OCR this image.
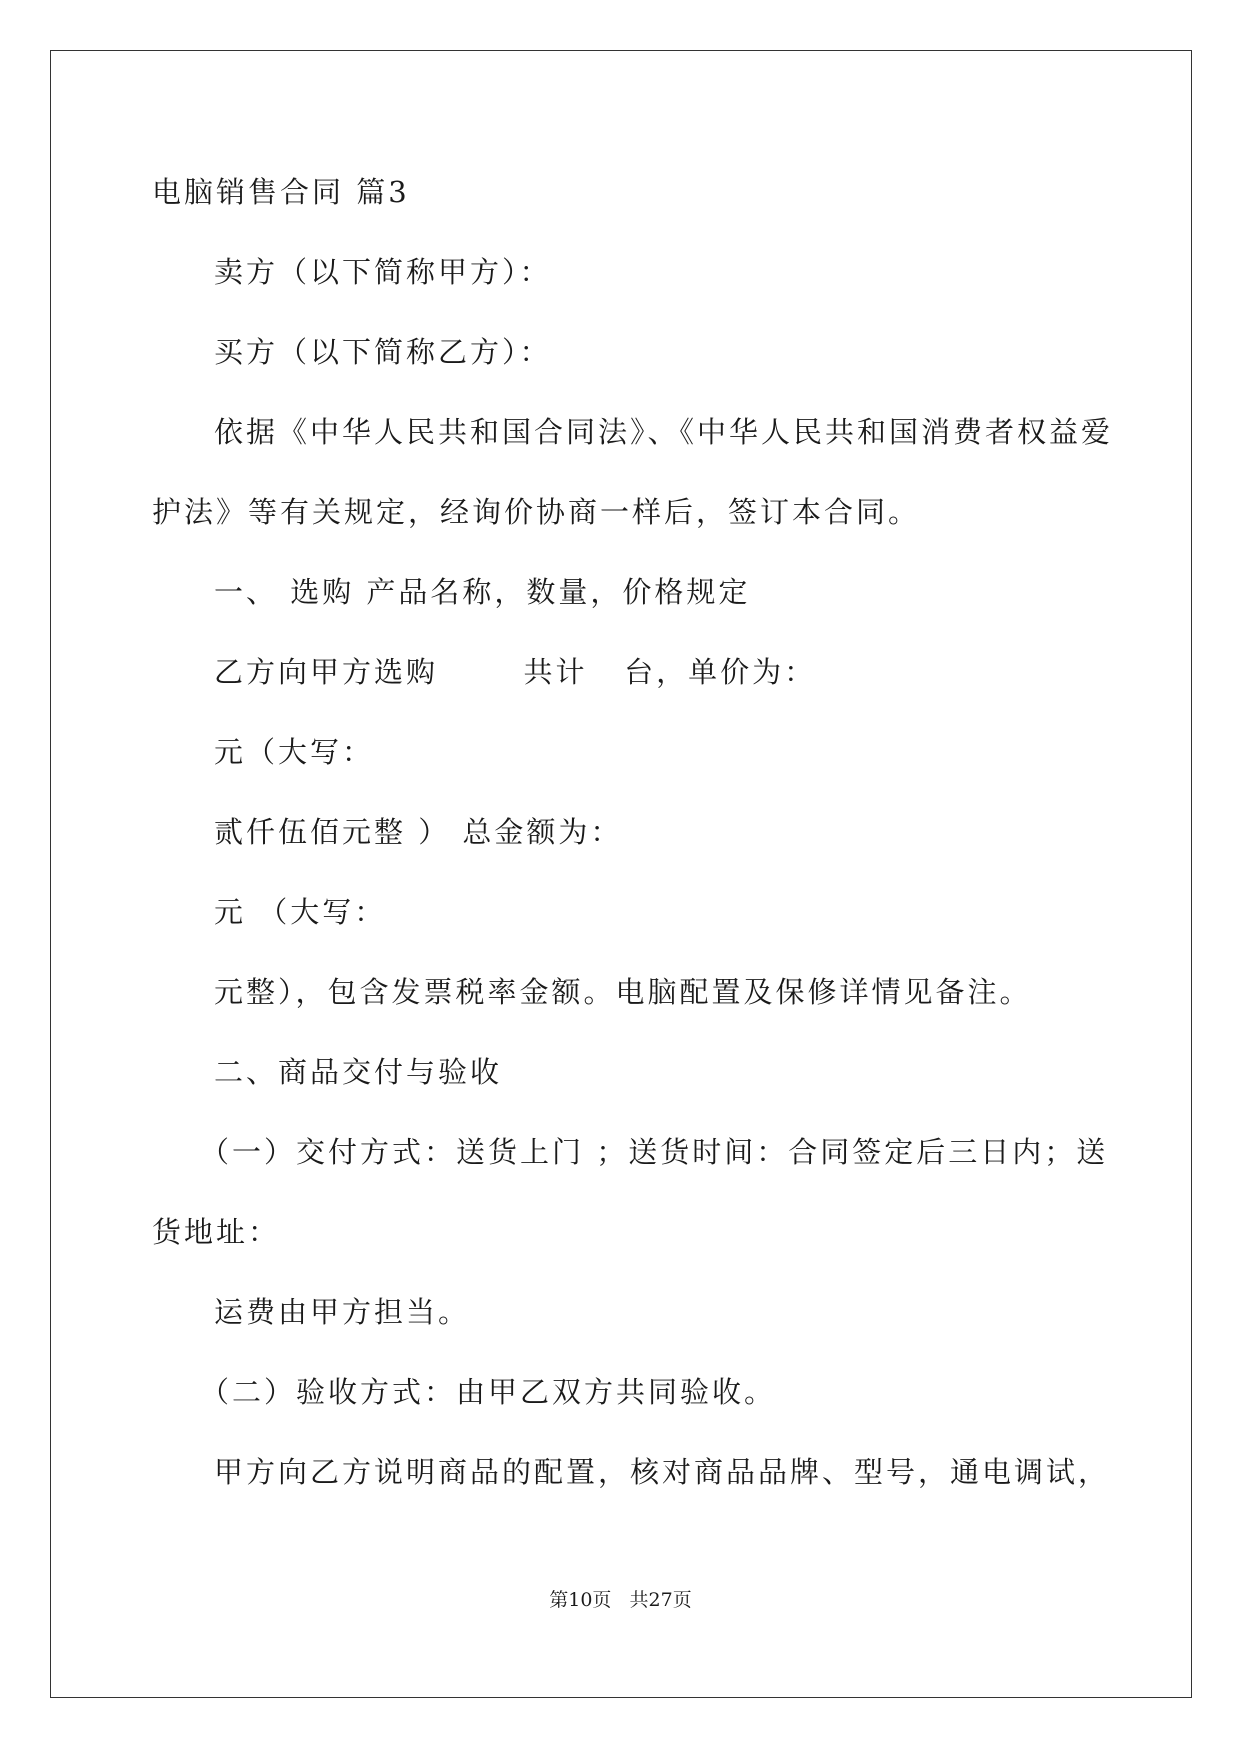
电脑销售合同 篇3
卖方（以下简称甲方）：
买方（以下简称乙方）：
依据《中华人民共和国合同法》、《中华人民共和国消费者权益爱
护法》等有关规定，经询价协商一样后，签订本合同。
一、 选购 产品名称，数量，价格规定
乙方向甲方选购       共计   台，单价为：
元（大写：
贰仟伍佰元整 ） 总金额为：
元 （大写：
元整），包含发票税率金额。电脑配置及保修详情见备注。
二、商品交付与验收
（一）交付方式：送货上门 ；送货时间：合同签定后三日内；送
货地址：
运费由甲方担当。
（二）验收方式：由甲乙双方共同验收。
甲方向乙方说明商品的配置，核对商品品牌、型号，通电调试，
第10页   共27页
